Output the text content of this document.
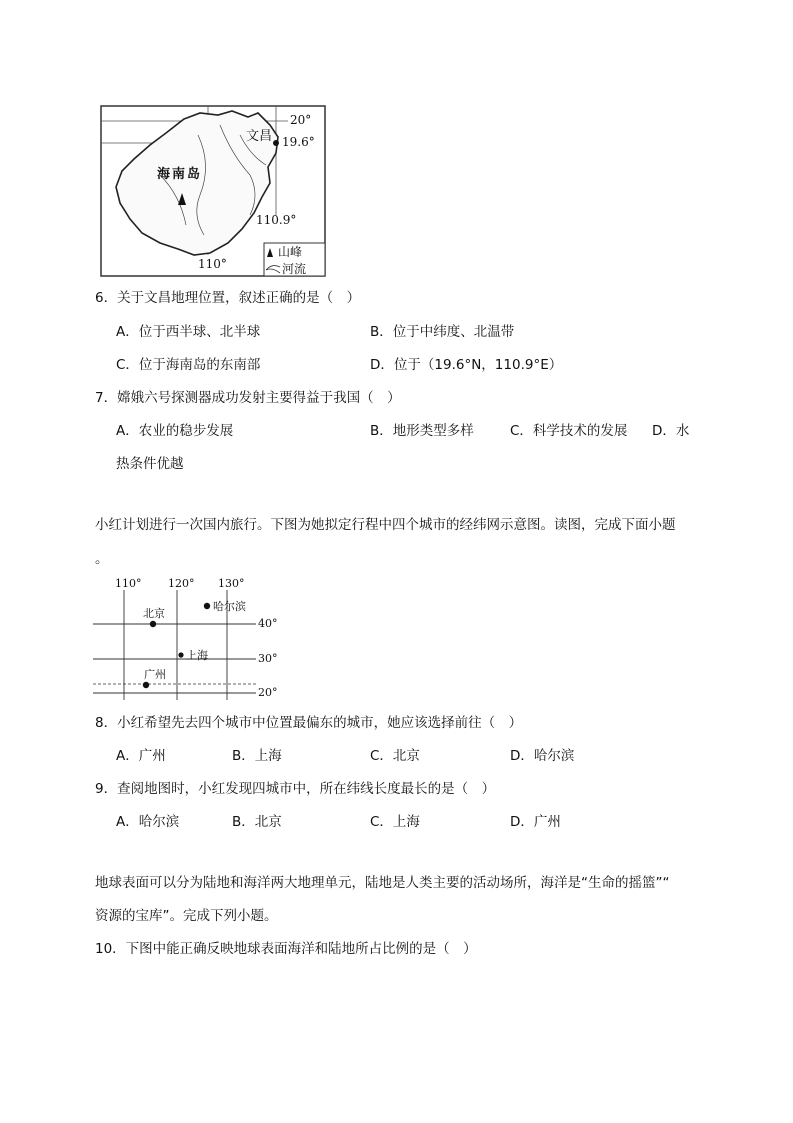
20°
19.6°
文昌
海南岛
110.9°
110°
山峰
河流
6．关于文昌地理位置，叙述正确的是（　）
A．位于西半球、北半球	B．位于中纬度、北温带
C．位于海南岛的东南部	D．位于（19.6°N，110.9°E）
7．嫦娥六号探测器成功发射主要得益于我国（　）
A．农业的稳步发展	B．地形类型多样	C．科学技术的发展 D．水
热条件优越
小红计划进行一次国内旅行。下图为她拟定行程中四个城市的经纬网示意图。读图，完成下面小题
。
110° 120° 130°
40°
30°
20°
北京
哈尔滨
上海
广州
8．小红希望先去四个城市中位置最偏东的城市，她应该选择前往（　）
A．广州	B．上海	C．北京	D．哈尔滨
9．查阅地图时，小红发现四城市中，所在纬线长度最长的是（　）
A．哈尔滨	B．北京	C．上海	D．广州
地球表面可以分为陆地和海洋两大地理单元，陆地是人类主要的活动场所，海洋是“生命的摇篮”“
资源的宝库”。完成下列小题。
10．下图中能正确反映地球表面海洋和陆地所占比例的是（　）
